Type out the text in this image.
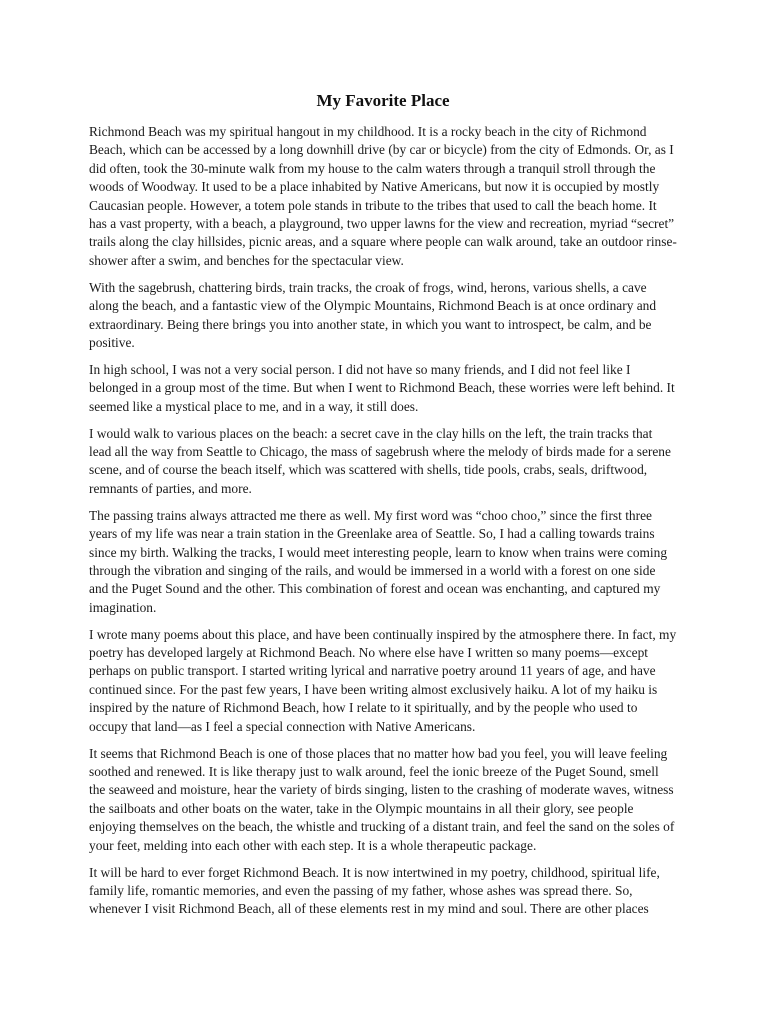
My Favorite Place

Richmond Beach was my spiritual hangout in my childhood. It is a rocky beach in the city of Richmond Beach, which can be accessed by a long downhill drive (by car or bicycle) from the city of Edmonds. Or, as I did often, took the 30-minute walk from my house to the calm waters through a tranquil stroll through the woods of Woodway. It used to be a place inhabited by Native Americans, but now it is occupied by mostly Caucasian people. However, a totem pole stands in tribute to the tribes that used to call the beach home. It has a vast property, with a beach, a playground, two upper lawns for the view and recreation, myriad “secret” trails along the clay hillsides, picnic areas, and a square where people can walk around, take an outdoor rinse-shower after a swim, and benches for the spectacular view.

With the sagebrush, chattering birds, train tracks, the croak of frogs, wind, herons, various shells, a cave along the beach, and a fantastic view of the Olympic Mountains, Richmond Beach is at once ordinary and extraordinary. Being there brings you into another state, in which you want to introspect, be calm, and be positive.

In high school, I was not a very social person. I did not have so many friends, and I did not feel like I belonged in a group most of the time. But when I went to Richmond Beach, these worries were left behind. It seemed like a mystical place to me, and in a way, it still does.

I would walk to various places on the beach: a secret cave in the clay hills on the left, the train tracks that lead all the way from Seattle to Chicago, the mass of sagebrush where the melody of birds made for a serene scene, and of course the beach itself, which was scattered with shells, tide pools, crabs, seals, driftwood, remnants of parties, and more.

The passing trains always attracted me there as well. My first word was “choo choo,” since the first three years of my life was near a train station in the Greenlake area of Seattle. So, I had a calling towards trains since my birth. Walking the tracks, I would meet interesting people, learn to know when trains were coming through the vibration and singing of the rails, and would be immersed in a world with a forest on one side and the Puget Sound and the other. This combination of forest and ocean was enchanting, and captured my imagination.

I wrote many poems about this place, and have been continually inspired by the atmosphere there. In fact, my poetry has developed largely at Richmond Beach. No where else have I written so many poems—except perhaps on public transport. I started writing lyrical and narrative poetry around 11 years of age, and have continued since. For the past few years, I have been writing almost exclusively haiku. A lot of my haiku is inspired by the nature of Richmond Beach, how I relate to it spiritually, and by the people who used to occupy that land—as I feel a special connection with Native Americans.

It seems that Richmond Beach is one of those places that no matter how bad you feel, you will leave feeling soothed and renewed. It is like therapy just to walk around, feel the ionic breeze of the Puget Sound, smell the seaweed and moisture, hear the variety of birds singing, listen to the crashing of moderate waves, witness the sailboats and other boats on the water, take in the Olympic mountains in all their glory, see people enjoying themselves on the beach, the whistle and trucking of a distant train, and feel the sand on the soles of your feet, melding into each other with each step. It is a whole therapeutic package.

It will be hard to ever forget Richmond Beach. It is now intertwined in my poetry, childhood, spiritual life, family life, romantic memories, and even the passing of my father, whose ashes was spread there. So, whenever I visit Richmond Beach, all of these elements rest in my mind and soul. There are other places
